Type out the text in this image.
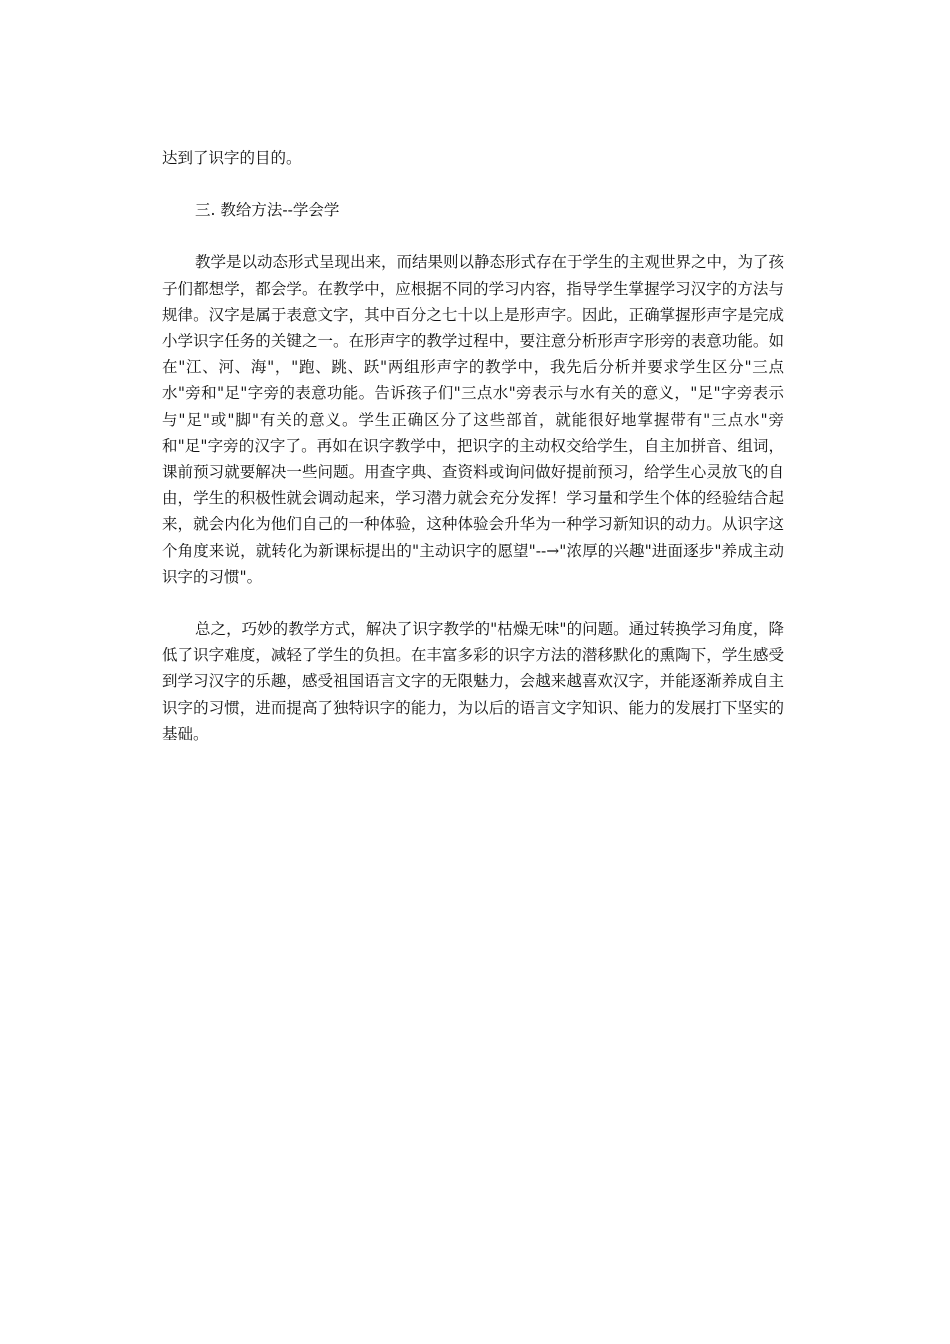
达到了识字的目的。

三. 教给方法--学会学

教学是以动态形式呈现出来，而结果则以静态形式存在于学生的主观世界之中，为了孩子们都想学，都会学。在教学中，应根据不同的学习内容，指导学生掌握学习汉字的方法与规律。汉字是属于表意文字，其中百分之七十以上是形声字。因此，正确掌握形声字是完成小学识字任务的关键之一。在形声字的教学过程中，要注意分析形声字形旁的表意功能。如在"江、河、海"，"跑、跳、跃"两组形声字的教学中，我先后分析并要求学生区分"三点水"旁和"足"字旁的表意功能。告诉孩子们"三点水"旁表示与水有关的意义，"足"字旁表示与"足"或"脚"有关的意义。学生正确区分了这些部首，就能很好地掌握带有"三点水"旁和"足"字旁的汉字了。再如在识字教学中，把识字的主动权交给学生，自主加拼音、组词，课前预习就要解决一些问题。用查字典、查资料或询问做好提前预习，给学生心灵放飞的自由，学生的积极性就会调动起来，学习潜力就会充分发挥！学习量和学生个体的经验结合起来，就会内化为他们自己的一种体验，这种体验会升华为一种学习新知识的动力。从识字这个角度来说，就转化为新课标提出的"主动识字的愿望"--→"浓厚的兴趣"进面逐步"养成主动识字的习惯"。

总之，巧妙的教学方式，解决了识字教学的"枯燥无味"的问题。通过转换学习角度，降低了识字难度，减轻了学生的负担。在丰富多彩的识字方法的潜移默化的熏陶下，学生感受到学习汉字的乐趣，感受祖国语言文字的无限魅力，会越来越喜欢汉字，并能逐渐养成自主识字的习惯，进而提高了独特识字的能力，为以后的语言文字知识、能力的发展打下坚实的基础。
